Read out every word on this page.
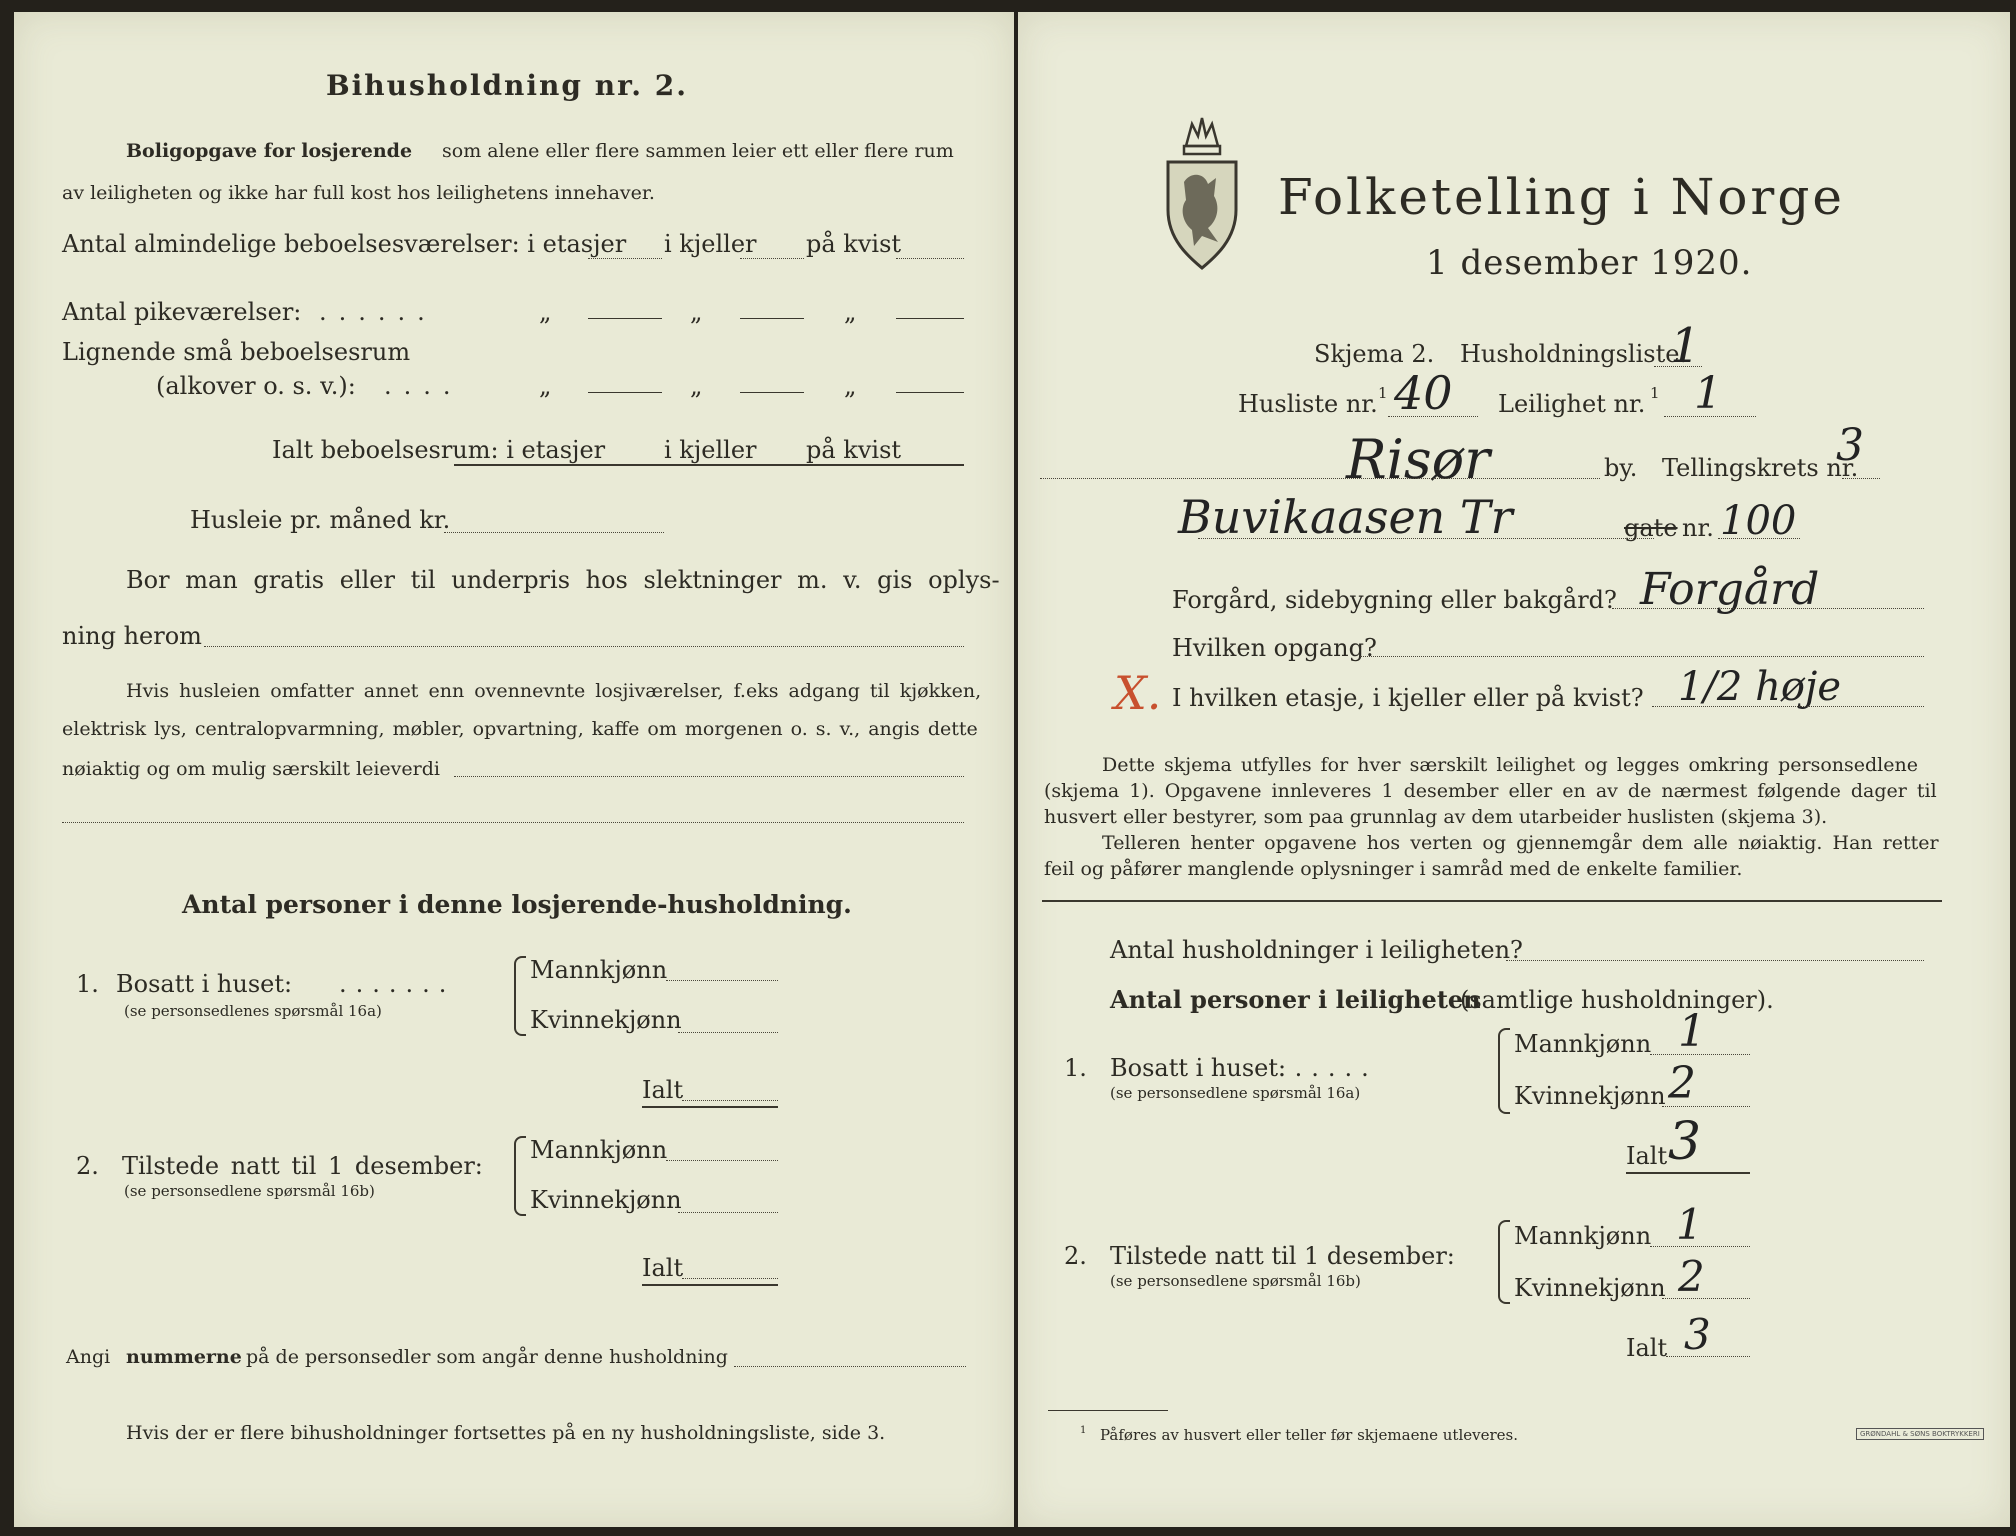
Bihusholdning nr. 2.
Boligopgave for losjerende som alene eller flere sammen leier ett eller flere rum
av leiligheten og ikke har full kost hos leilighetens innehaver.
Antal almindelige beboelsesværelser: i etasjer i kjeller på kvist
Antal pikeværelser: ......	„	„	„
Lignende små beboelsesrum
(alkover o. s. v.): ....	„	„	„
Ialt beboelsesrum: i etasjer i kjeller på kvist
Husleie pr. måned kr.
Bor man gratis eller til underpris hos slektninger m. v. gis oplys-
ning herom
Hvis husleien omfatter annet enn ovennevnte losjiværelser, f.eks adgang til kjøkken,
elektrisk lys, centralopvarmning, møbler, opvartning, kaffe om morgenen o. s. v., angis dette
nøiaktig og om mulig særskilt leieverdi
Antal personer i denne losjerende-husholdning.
1. Bosatt i huset: .......
(se personsedlenes spørsmål 16a)
Mannkjønn
Kvinnekjønn
Ialt
2. Tilstede natt til 1 desember:
(se personsedlene spørsmål 16b)
Mannkjønn
Kvinnekjønn
Ialt
Angi nummerne på de personsedler som angår denne husholdning
Hvis der er flere bihusholdninger fortsettes på en ny husholdningsliste, side 3.
Folketelling i Norge
1 desember 1920.
Skjema 2. Husholdningsliste.
1
Husliste nr. 1 40 Leilighet nr. 1 1
Risør	by. Tellingskrets nr.
3
Buvikaasen Tr	gate nr. 100
Forgård, sidebygning eller bakgård? Forgård
Hvilken opgang?
X. I hvilken etasje, i kjeller eller på kvist? 1/2 høje
Dette skjema utfylles for hver særskilt leilighet og legges omkring personsedlene
(skjema 1). Opgavene innleveres 1 desember eller en av de nærmest følgende dager til
husvert eller bestyrer, som paa grunnlag av dem utarbeider huslisten (skjema 3).
Telleren henter opgavene hos verten og gjennemgår dem alle nøiaktig. Han retter
feil og påfører manglende oplysninger i samråd med de enkelte familier.
Antal husholdninger i leiligheten?
Antal personer i leiligheten
(samtlige husholdninger).
1. Bosatt i huset:
......
(se personsedlene spørsmål 16a)
Mannkjønn 1
Kvinnekjønn 2
Ialt 3
2. Tilstede natt til 1 desember:
(se personsedlene spørsmål 16b)
Mannkjønn 1
Kvinnekjønn 2
Ialt 3
1 Påføres av husvert eller teller før skjemaene utleveres.	GRØNDAHL & SØNS BOKTRYKKERI
